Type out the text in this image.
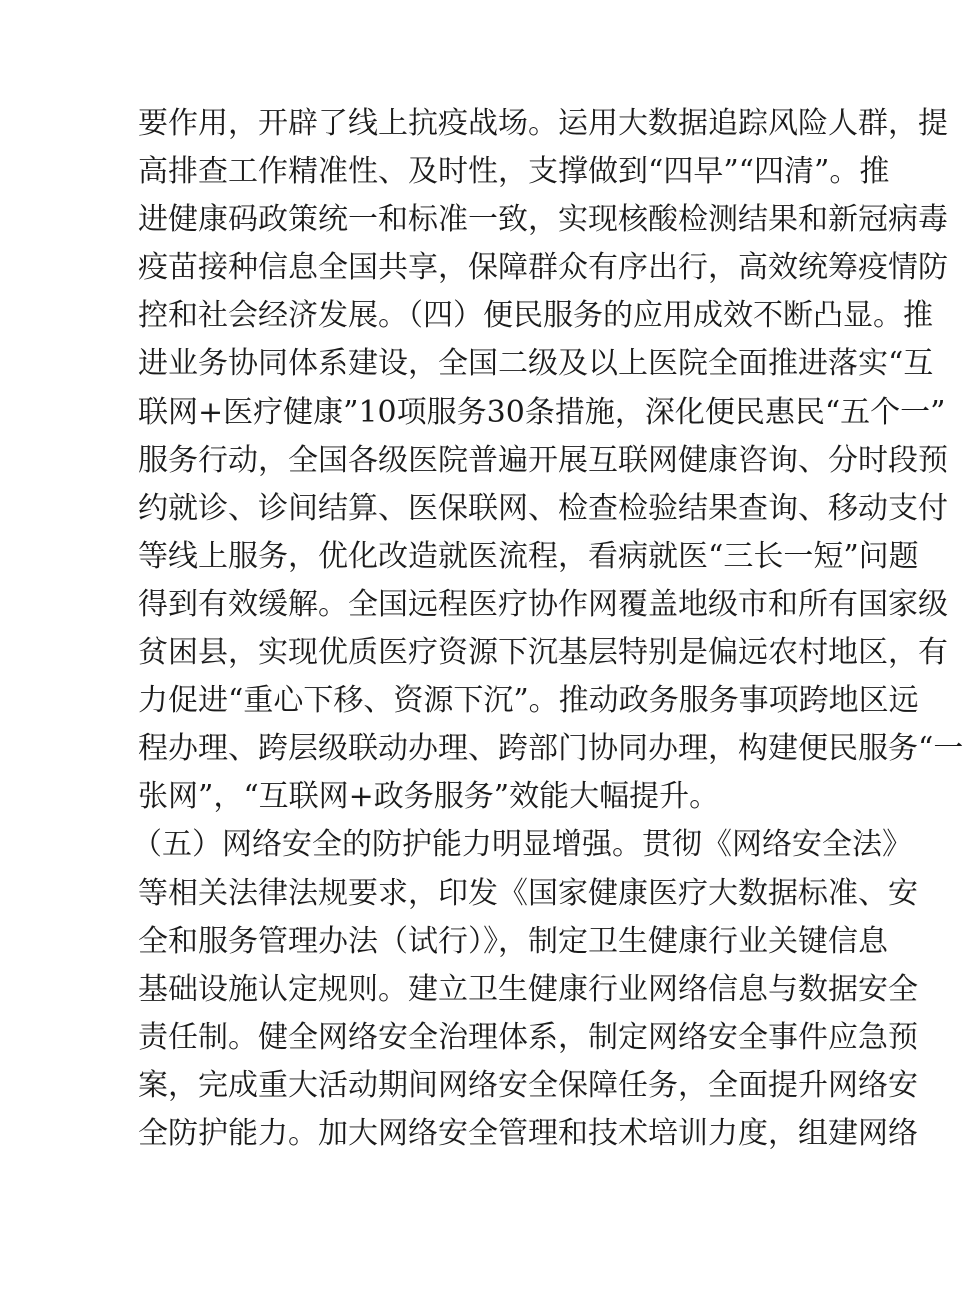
要作用，开辟了线上抗疫战场。运用大数据追踪风险人群，提
高排查工作精准性、及时性，支撑做到“四早”“四清”。推
进健康码政策统一和标准一致，实现核酸检测结果和新冠病毒
疫苗接种信息全国共享，保障群众有序出行，高效统筹疫情防
控和社会经济发展。（四）便民服务的应用成效不断凸显。推
进业务协同体系建设，全国二级及以上医院全面推进落实“互
联网+医疗健康”10项服务30条措施，深化便民惠民“五个一”
服务行动，全国各级医院普遍开展互联网健康咨询、分时段预
约就诊、诊间结算、医保联网、检查检验结果查询、移动支付
等线上服务，优化改造就医流程，看病就医“三长一短”问题
得到有效缓解。全国远程医疗协作网覆盖地级市和所有国家级
贫困县，实现优质医疗资源下沉基层特别是偏远农村地区，有
力促进“重心下移、资源下沉”。推动政务服务事项跨地区远
程办理、跨层级联动办理、跨部门协同办理，构建便民服务“一
张网”，“互联网+政务服务”效能大幅提升。
（五）网络安全的防护能力明显增强。贯彻《网络安全法》
等相关法律法规要求，印发《国家健康医疗大数据标准、安
全和服务管理办法（试行）》，制定卫生健康行业关键信息
基础设施认定规则。建立卫生健康行业网络信息与数据安全
责任制。健全网络安全治理体系，制定网络安全事件应急预
案，完成重大活动期间网络安全保障任务，全面提升网络安
全防护能力。加大网络安全管理和技术培训力度，组建网络
